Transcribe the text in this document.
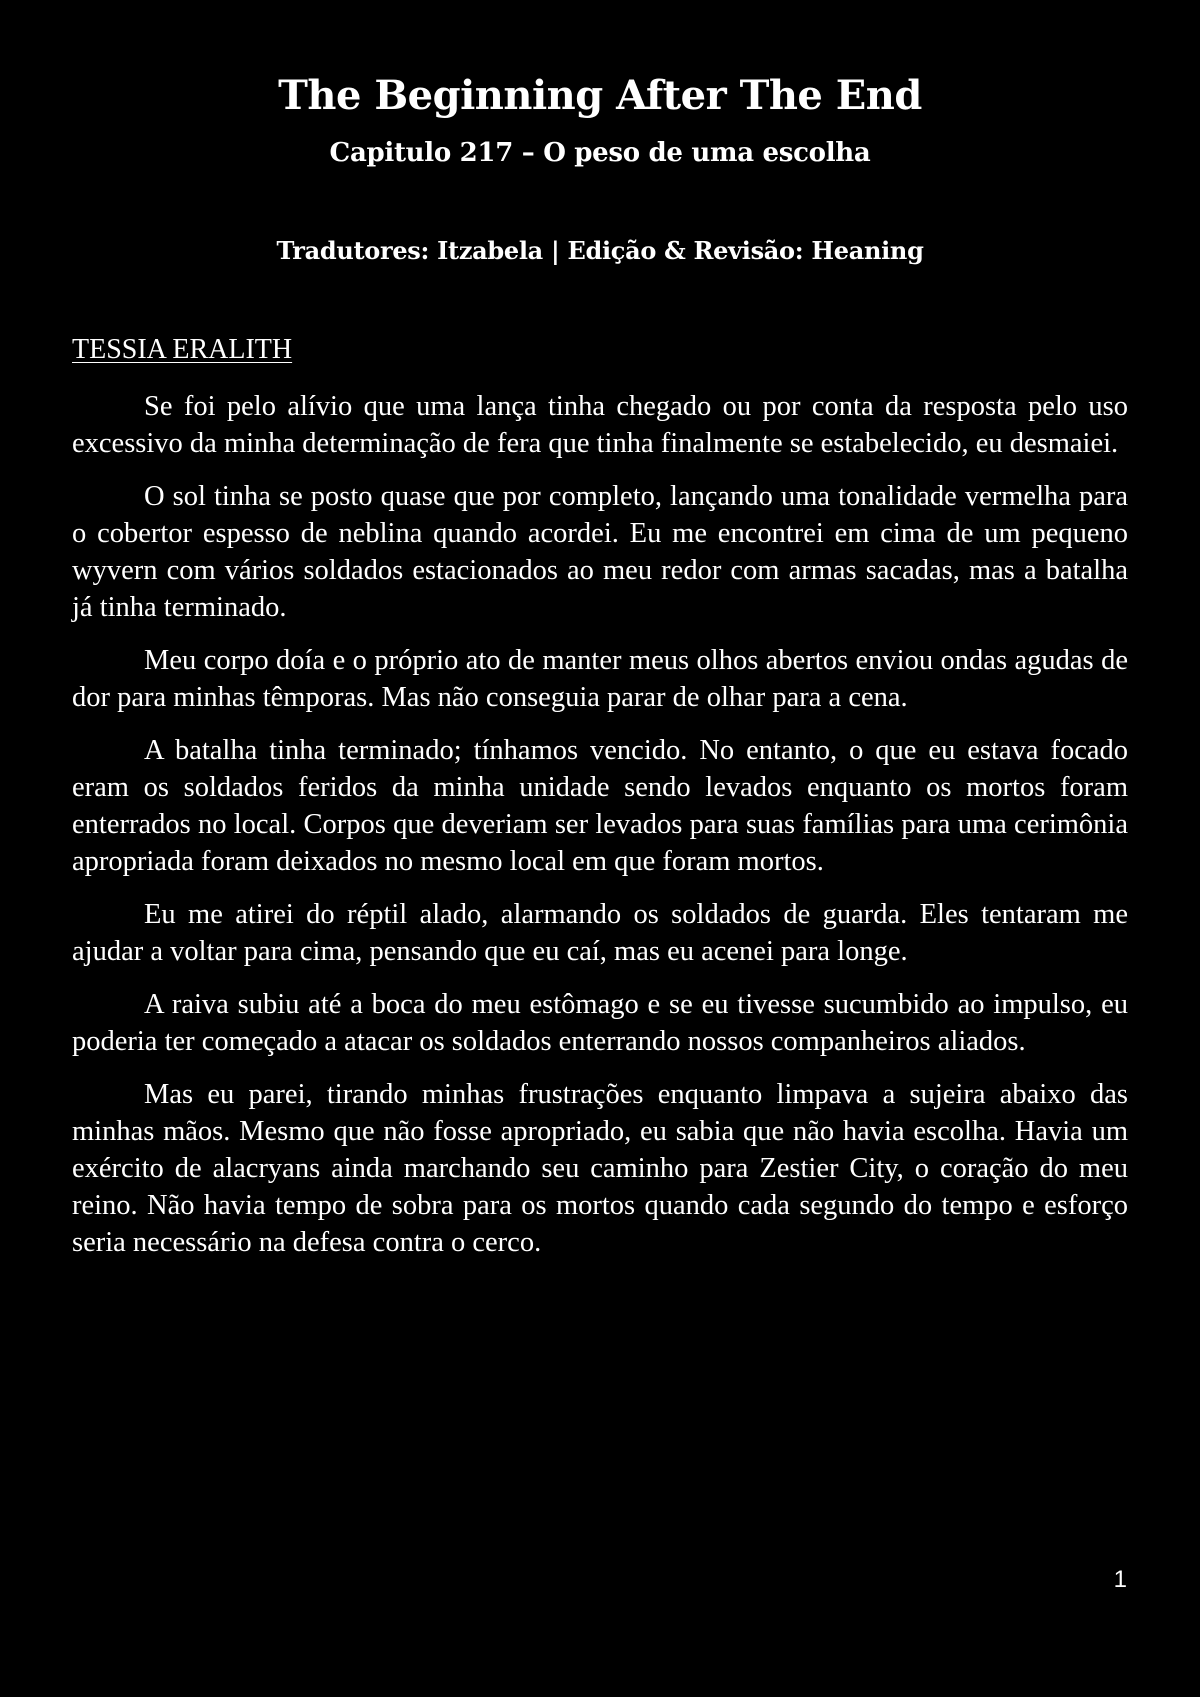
The Beginning After The End
Capitulo 217 – O peso de uma escolha
Tradutores: Itzabela | Edição & Revisão: Heaning
TESSIA ERALITH

Se foi pelo alívio que uma lança tinha chegado ou por conta da resposta pelo uso excessivo da minha determinação de fera que tinha finalmente se estabelecido, eu desmaiei.

O sol tinha se posto quase que por completo, lançando uma tonalidade vermelha para o cobertor espesso de neblina quando acordei. Eu me encontrei em cima de um pequeno wyvern com vários soldados estacionados ao meu redor com armas sacadas, mas a batalha já tinha terminado.

Meu corpo doía e o próprio ato de manter meus olhos abertos enviou ondas agudas de dor para minhas têmporas. Mas não conseguia parar de olhar para a cena.

A batalha tinha terminado; tínhamos vencido. No entanto, o que eu estava focado eram os soldados feridos da minha unidade sendo levados enquanto os mortos foram enterrados no local. Corpos que deveriam ser levados para suas famílias para uma cerimônia apropriada foram deixados no mesmo local em que foram mortos.

Eu me atirei do réptil alado, alarmando os soldados de guarda. Eles tentaram me ajudar a voltar para cima, pensando que eu caí, mas eu acenei para longe.

A raiva subiu até a boca do meu estômago e se eu tivesse sucumbido ao impulso, eu poderia ter começado a atacar os soldados enterrando nossos companheiros aliados.

Mas eu parei, tirando minhas frustrações enquanto limpava a sujeira abaixo das minhas mãos. Mesmo que não fosse apropriado, eu sabia que não havia escolha. Havia um exército de alacryans ainda marchando seu caminho para Zestier City, o coração do meu reino. Não havia tempo de sobra para os mortos quando cada segundo do tempo e esforço seria necessário na defesa contra o cerco.

1
